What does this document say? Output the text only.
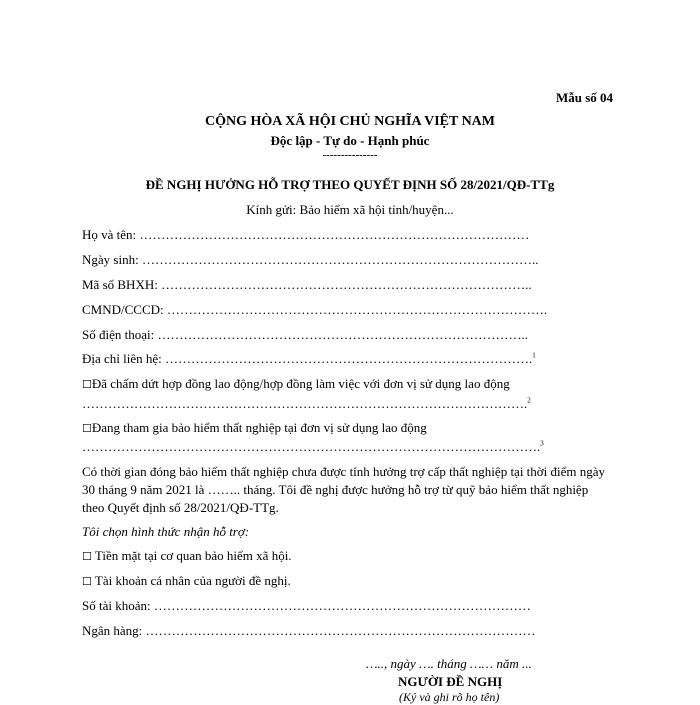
Mẫu số 04
CỘNG HÒA XÃ HỘI CHỦ NGHĨA VIỆT NAM
Độc lập - Tự do - Hạnh phúc
---------------
ĐỀ NGHỊ HƯỞNG HỖ TRỢ THEO QUYẾT ĐỊNH SỐ 28/2021/QĐ-TTg
Kính gửi: Bảo hiểm xã hội tỉnh/huyện...
Họ và tên: ………………………………………………………………………………
Ngày sinh: ………………………………………………………………………………..
Mã số BHXH: …………………………………………………………………………..
CMND/CCCD: …………………………………………………………………………….
Số điện thoại: …………………………………………………………………………..
Địa chỉ liên hệ: ………………………………………………………………………….$^1$
☐Đã chấm dứt hợp đồng lao động/hợp đồng làm việc với đơn vị sử dụng lao động
………………………………………………………………………………………….$^2$
☐Đang tham gia bảo hiểm thất nghiệp tại đơn vị sử dụng lao động
…………………………………………………………………………………………….$^3$
Có thời gian đóng bảo hiểm thất nghiệp chưa được tính hưởng trợ cấp thất nghiệp tại thời điểm ngày 30 tháng 9 năm 2021 là …….. tháng. Tôi đề nghị được hưởng hỗ trợ từ quỹ bảo hiểm thất nghiệp theo Quyết định số 28/2021/QĐ-TTg.
Tôi chọn hình thức nhận hỗ trợ:
☐ Tiền mặt tại cơ quan bảo hiểm xã hội.
☐ Tài khoản cá nhân của người đề nghị.
Số tài khoản: ……………………………………………………………………………
Ngân hàng: ………………………………………………………………………………
….., ngày …. tháng …… năm ...
NGƯỜI ĐỀ NGHỊ
(Ký và ghi rõ họ tên)
